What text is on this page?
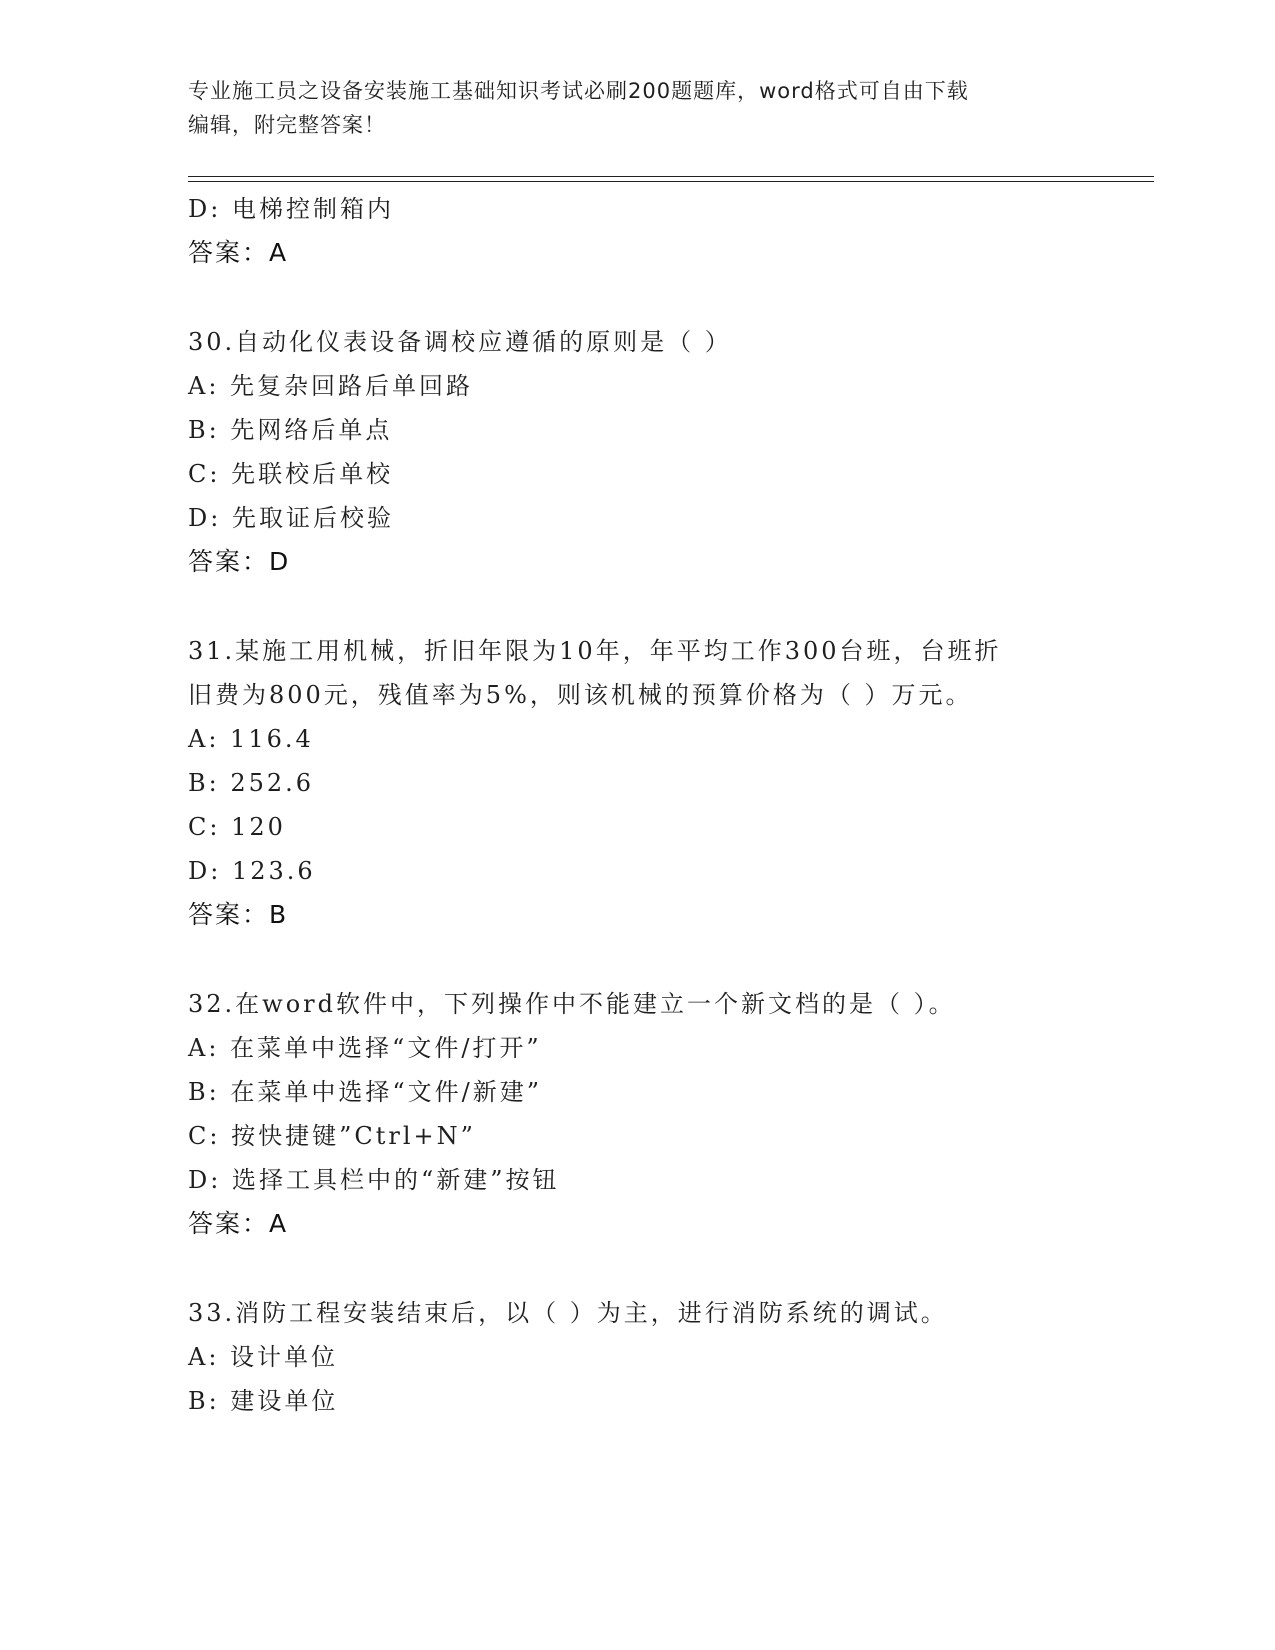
专业施工员之设备安装施工基础知识考试必刷200题题库，word格式可自由下载
编辑，附完整答案！
D: 电梯控制箱内
答案：A
30.自动化仪表设备调校应遵循的原则是（ ）
A: 先复杂回路后单回路
B: 先网络后单点
C: 先联校后单校
D: 先取证后校验
答案：D
31.某施工用机械，折旧年限为10年，年平均工作300台班，台班折
旧费为800元，残值率为5%，则该机械的预算价格为（ ）万元。
A: 116.4
B: 252.6
C: 120
D: 123.6
答案：B
32.在word软件中，下列操作中不能建立一个新文档的是（ ）。
A: 在菜单中选择“文件/打开”
B: 在菜单中选择“文件/新建”
C: 按快捷键”Ctrl+N”
D: 选择工具栏中的“新建”按钮
答案：A
33.消防工程安装结束后，以（ ）为主，进行消防系统的调试。
A: 设计单位
B: 建设单位
